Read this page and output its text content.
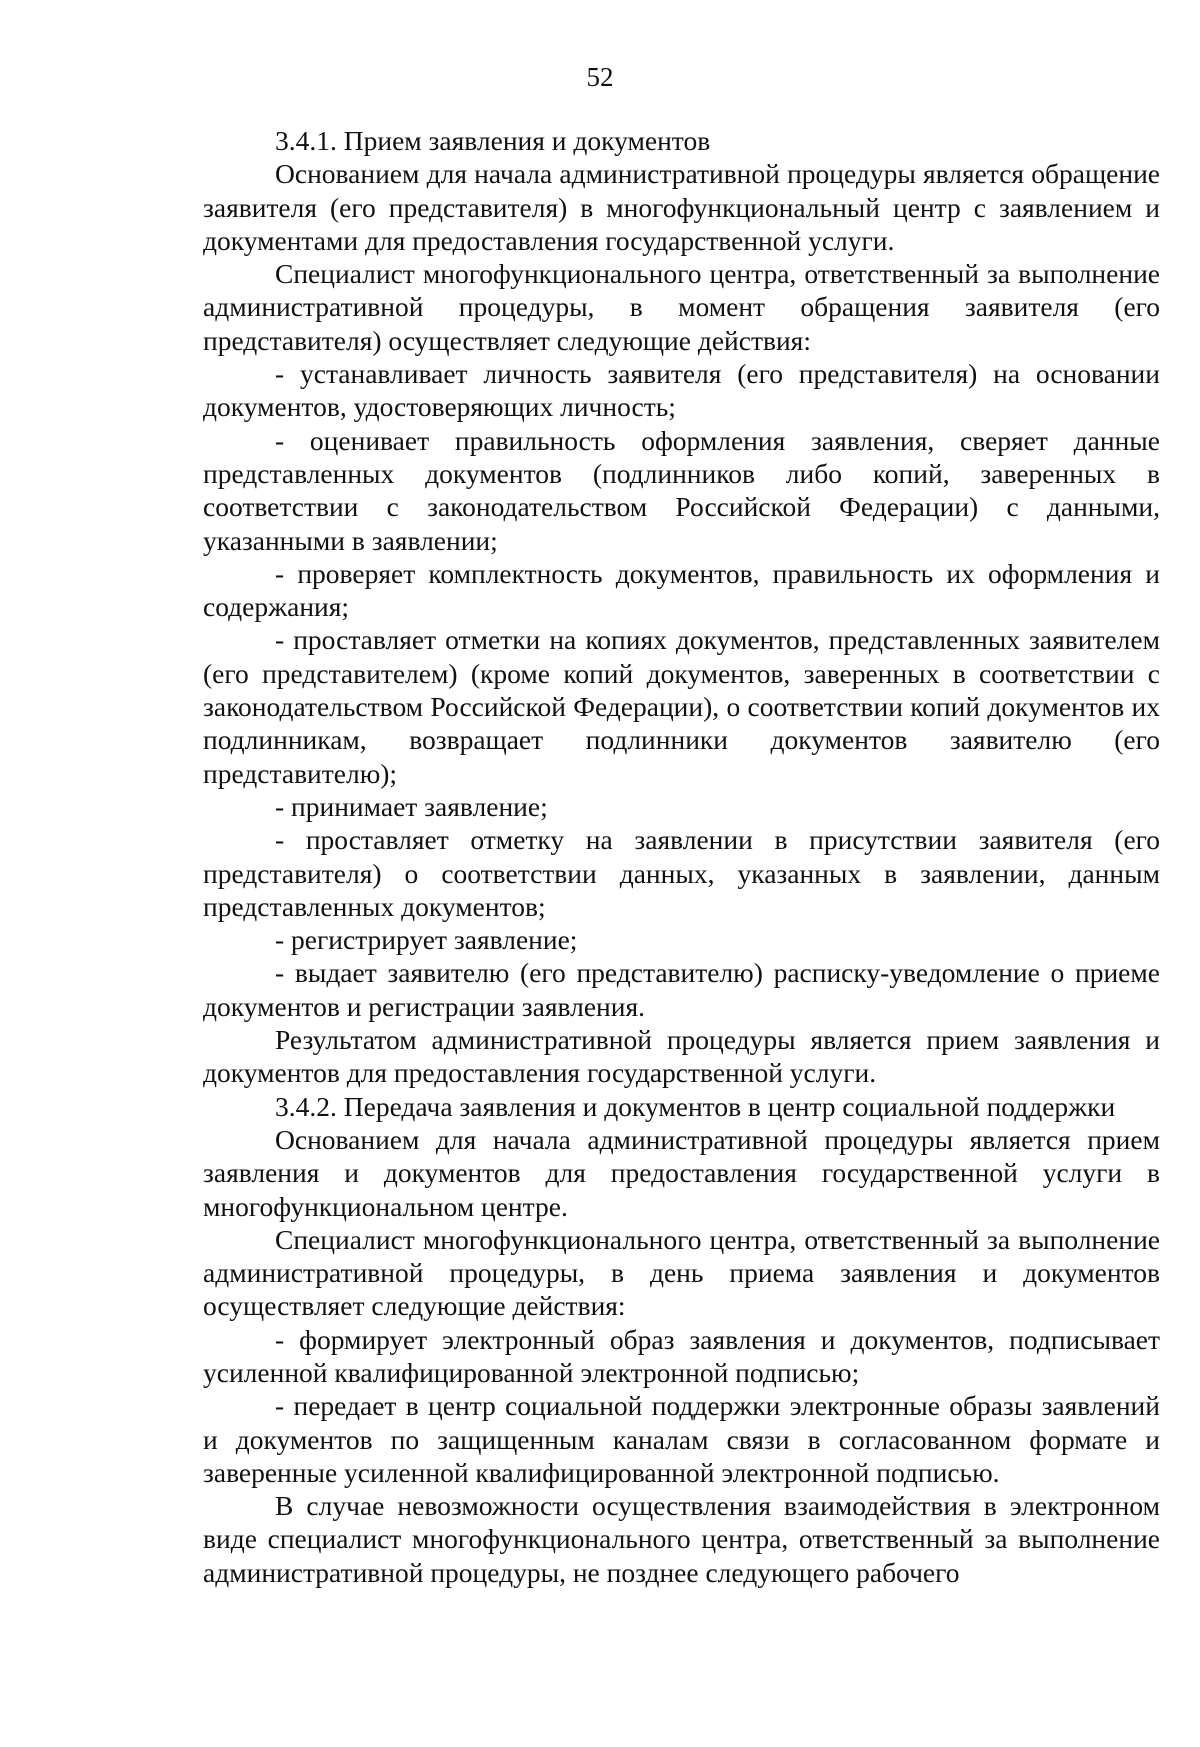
52

3.4.1. Прием заявления и документов

Основанием для начала административной процедуры является обращение заявителя (его представителя) в многофункциональный центр с заявлением и документами для предоставления государственной услуги.

Специалист многофункционального центра, ответственный за выполнение административной процедуры, в момент обращения заявителя (его представителя) осуществляет следующие действия:

- устанавливает личность заявителя (его представителя) на основании документов, удостоверяющих личность;

- оценивает правильность оформления заявления, сверяет данные представленных документов (подлинников либо копий, заверенных в соответствии с законодательством Российской Федерации) с данными, указанными в заявлении;

- проверяет комплектность документов, правильность их оформления и содержания;

- проставляет отметки на копиях документов, представленных заявителем (его представителем) (кроме копий документов, заверенных в соответствии с законодательством Российской Федерации), о соответствии копий документов их подлинникам, возвращает подлинники документов заявителю (его представителю);

- принимает заявление;

- проставляет отметку на заявлении в присутствии заявителя (его представителя) о соответствии данных, указанных в заявлении, данным представленных документов;

- регистрирует заявление;

- выдает заявителю (его представителю) расписку-уведомление о приеме документов и регистрации заявления.

Результатом административной процедуры является прием заявления и документов для предоставления государственной услуги.

3.4.2. Передача заявления и документов в центр социальной поддержки

Основанием для начала административной процедуры является прием заявления и документов для предоставления государственной услуги в многофункциональном центре.

Специалист многофункционального центра, ответственный за выполнение административной процедуры, в день приема заявления и документов осуществляет следующие действия:

- формирует электронный образ заявления и документов, подписывает усиленной квалифицированной электронной подписью;

- передает в центр социальной поддержки электронные образы заявлений и документов по защищенным каналам связи в согласованном формате и заверенные усиленной квалифицированной электронной подписью.

В случае невозможности осуществления взаимодействия в электронном виде специалист многофункционального центра, ответственный за выполнение административной процедуры, не позднее следующего рабочего
